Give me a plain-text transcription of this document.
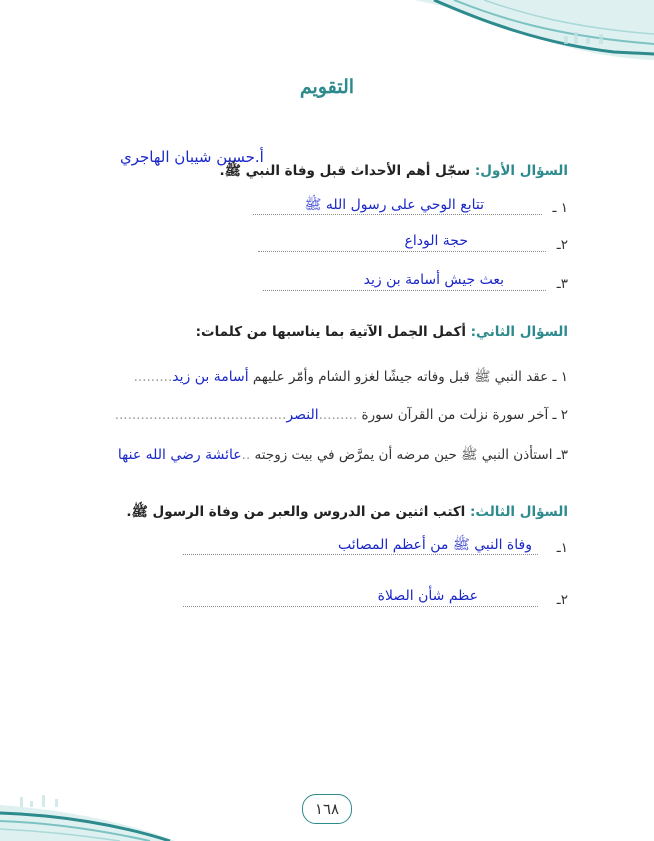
التقويم
أ.حسين شيبان الهاجري
السؤال الأول: سجّل أهم الأحداث قبل وفاة النبي ﷺ.
١ ـ
تتابع الوحي على رسول الله ﷺ
٢ـ
حجة الوداع
٣ـ
بعث جيش أسامة بن زيد
السؤال الثاني: أكمل الجمل الآتية بما يناسبها من كلمات:
١ ـ عقد النبي ﷺ قبل وفاته جيشًا لغزو الشام وأمّر عليهم أسامة بن زيد.........
٢ ـ آخر سورة نزلت من القرآن سورة .........النصر........................................
٣ـ استأذن النبي ﷺ حين مرضه أن يمرَّض في بيت زوجته ..عائشة رضي الله عنها
السؤال الثالث: اكتب اثنين من الدروس والعبر من وفاة الرسول ﷺ.
١ـ
وفاة النبي ﷺ من أعظم المصائب
٢ـ
عظم شأن الصلاة
١٦٨
